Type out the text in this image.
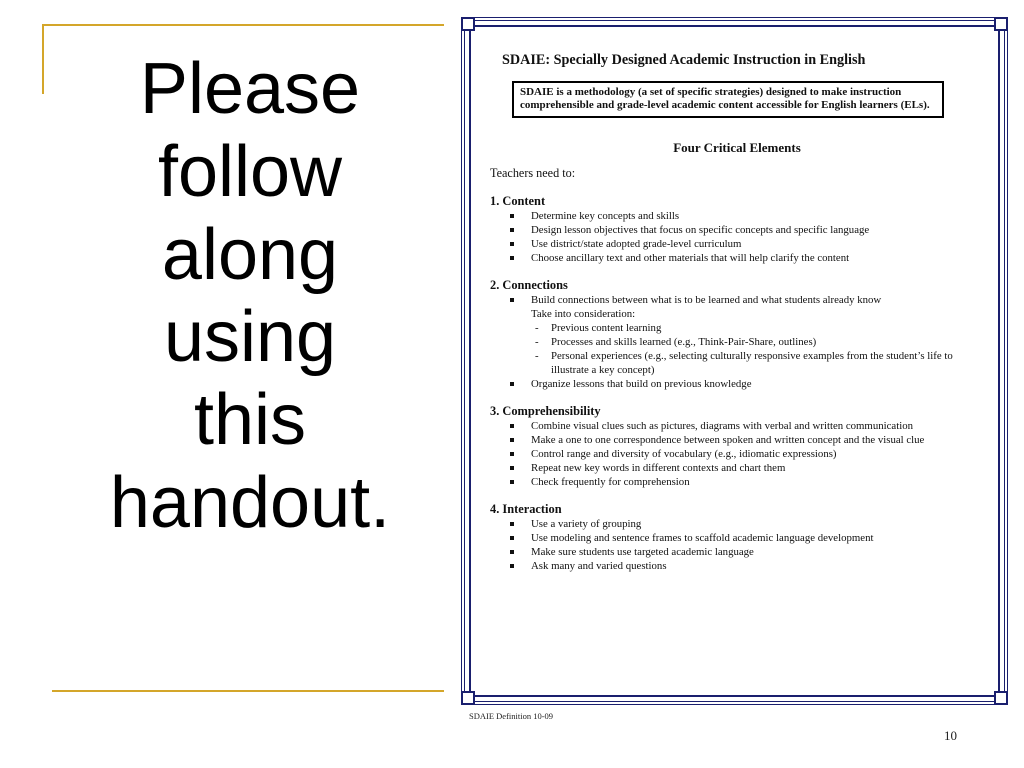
Please
follow
along
using
this
handout.
SDAIE: Specially Designed Academic Instruction in English
SDAIE is a methodology (a set of specific strategies) designed to make instruction comprehensible and grade-level academic content accessible for English learners (ELs).
Four Critical Elements
Teachers need to:
1. Content
Determine key concepts and skills
Design lesson objectives that focus on specific concepts and specific language
Use district/state adopted grade-level curriculum
Choose ancillary text and other materials that will help clarify the content
2. Connections
Build connections between what is to be learned and what students already know
Take into consideration:
- Previous content learning
- Processes and skills learned (e.g., Think-Pair-Share, outlines)
- Personal experiences (e.g., selecting culturally responsive examples from the student’s life to illustrate a key concept)
Organize lessons that build on previous knowledge
3. Comprehensibility
Combine visual clues such as pictures, diagrams with verbal and written communication
Make a one to one correspondence between spoken and written concept and the visual clue
Control range and diversity of vocabulary (e.g., idiomatic expressions)
Repeat new key words in different contexts and chart them
Check frequently for comprehension
4. Interaction
Use a variety of grouping
Use modeling and sentence frames to scaffold academic language development
Make sure students use targeted academic language
Ask many and varied questions
SDAIE Definition 10-09
10
